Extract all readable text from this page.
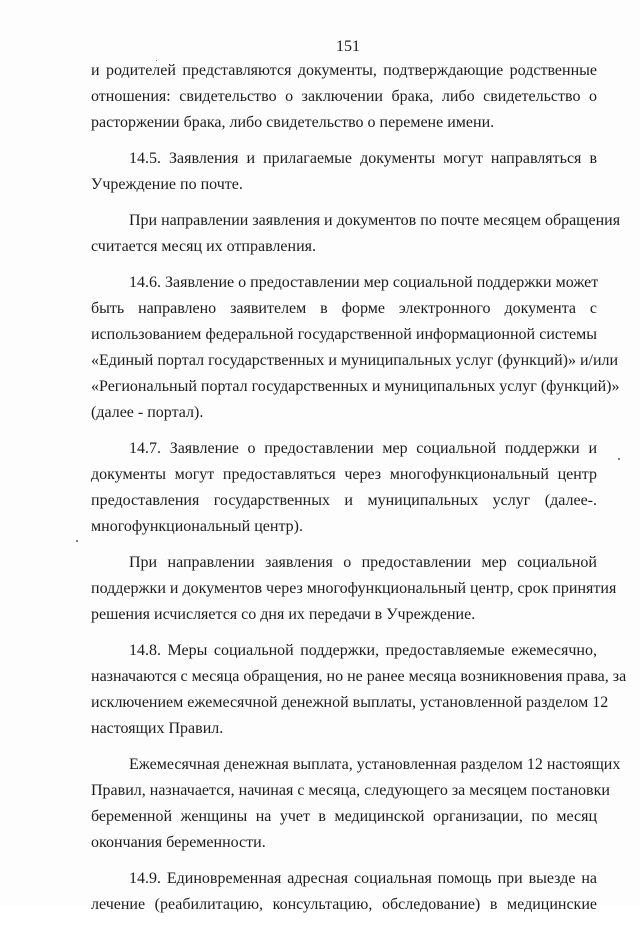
151

и родителей представляются документы, подтверждающие родственные
отношения: свидетельство о заключении брака, либо свидетельство о
расторжении брака, либо свидетельство о перемене имени.

14.5. Заявления и прилагаемые документы могут направляться в
Учреждение по почте.

При направлении заявления и документов по почте месяцем обращения
считается месяц их отправления.

14.6. Заявление о предоставлении мер социальной поддержки может
быть направлено заявителем в форме электронного документа с
использованием федеральной государственной информационной системы
«Единый портал государственных и муниципальных услуг (функций)» и/или
«Региональный портал государственных и муниципальных услуг (функций)»
(далее - портал).

14.7. Заявление о предоставлении мер социальной поддержки и
документы могут предоставляться через многофункциональный центр
предоставления государственных и муниципальных услуг (далее-.
многофункциональный центр).

При направлении заявления о предоставлении мер социальной
поддержки и документов через многофункциональный центр, срок принятия
решения исчисляется со дня их передачи в Учреждение.

14.8. Меры социальной поддержки, предоставляемые ежемесячно,
назначаются с месяца обращения, но не ранее месяца возникновения права, за
исключением ежемесячной денежной выплаты, установленной разделом 12
настоящих Правил.

Ежемесячная денежная выплата, установленная разделом 12 настоящих
Правил, назначается, начиная с месяца, следующего за месяцем постановки
беременной женщины на учет в медицинской организации, по месяц
окончания беременности.

14.9. Единовременная адресная социальная помощь при выезде на
лечение (реабилитацию, консультацию, обследование) в медицинские
